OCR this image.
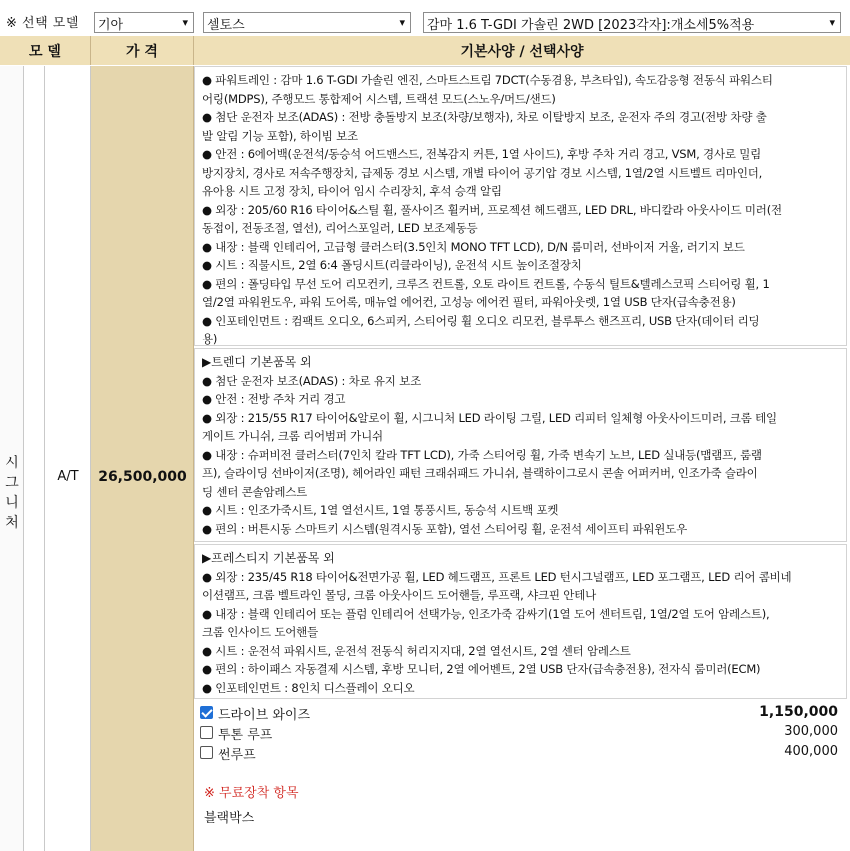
※ 선택 모델	기아	▾	셀토스	▾	감마 1.6 T-GDI 가솔린 2WD [2023각자]:개소세5%적용	▾
모 델	가 격	기본사양 / 선택사양
시그니처
A/T	26,500,000
● 파워트레인 : 감마 1.6 T-GDI 가솔린 엔진, 스마트스트림 7DCT(수동겸용, 부츠타입), 속도감응형 전동식 파워스티
어링(MDPS), 주행모드 통합제어 시스템, 트랙션 모드(스노우/머드/샌드)
● 첨단 운전자 보조(ADAS) : 전방 충돌방지 보조(차량/보행자), 차로 이탈방지 보조, 운전자 주의 경고(전방 차량 출
발 알림 기능 포함), 하이빔 보조
● 안전 : 6에어백(운전석/동승석 어드밴스드, 전복감지 커튼, 1열 사이드), 후방 주차 거리 경고, VSM, 경사로 밀림
방지장치, 경사로 저속주행장치, 급제동 경보 시스템, 개별 타이어 공기압 경보 시스템, 1열/2열 시트벨트 리마인더,
유아용 시트 고정 장치, 타이어 임시 수리장치, 후석 승객 알림
● 외장 : 205/60 R16 타이어&스틸 휠, 풀사이즈 휠커버, 프로젝션 헤드램프, LED DRL, 바디칼라 아웃사이드 미러(전
동접이, 전동조절, 열선), 리어스포일러, LED 보조제동등
● 내장 : 블랙 인테리어, 고급형 클러스터(3.5인치 MONO TFT LCD), D/N 룸미러, 선바이저 거울, 러기지 보드
● 시트 : 직물시트, 2열 6:4 폴딩시트(리클라이닝), 운전석 시트 높이조절장치
● 편의 : 폴딩타입 무선 도어 리모컨키, 크루즈 컨트롤, 오토 라이트 컨트롤, 수동식 틸트&텔레스코픽 스티어링 휠, 1
열/2열 파워윈도우, 파워 도어록, 매뉴얼 에어컨, 고성능 에어컨 필터, 파워아웃렛, 1열 USB 단자(급속충전용)
● 인포테인먼트 : 컴팩트 오디오, 6스피커, 스티어링 휠 오디오 리모컨, 블루투스 핸즈프리, USB 단자(데이터 리딩
용)
▶트렌디 기본품목 외
● 첨단 운전자 보조(ADAS) : 차로 유지 보조
● 안전 : 전방 주차 거리 경고
● 외장 : 215/55 R17 타이어&알로이 휠, 시그니처 LED 라이팅 그릴, LED 리피터 일체형 아웃사이드미러, 크롬 테일
게이트 가니쉬, 크롬 리어범퍼 가니쉬
● 내장 : 슈퍼비전 클러스터(7인치 칼라 TFT LCD), 가죽 스티어링 휠, 가죽 변속기 노브, LED 실내등(맵램프, 룸램
프), 슬라이딩 선바이저(조명), 헤어라인 패턴 크래쉬패드 가니쉬, 블랙하이그로시 콘솔 어퍼커버, 인조가죽 슬라이
딩 센터 콘솔암레스트
● 시트 : 인조가죽시트, 1열 열선시트, 1열 통풍시트, 동승석 시트백 포켓
● 편의 : 버튼시동 스마트키 시스템(원격시동 포함), 열선 스티어링 휠, 운전석 세이프티 파워윈도우
▶프레스티지 기본품목 외
● 외장 : 235/45 R18 타이어&전면가공 휠, LED 헤드램프, 프론트 LED 턴시그널램프, LED 포그램프, LED 리어 콤비네
이션램프, 크롬 벨트라인 몰딩, 크롬 아웃사이드 도어핸들, 루프랙, 샤크핀 안테나
● 내장 : 블랙 인테리어 또는 플럼 인테리어 선택가능, 인조가죽 감싸기(1열 도어 센터트림, 1열/2열 도어 암레스트),
크롬 인사이드 도어핸들
● 시트 : 운전석 파워시트, 운전석 전동식 허리지지대, 2열 열선시트, 2열 센터 암레스트
● 편의 : 하이패스 자동결제 시스템, 후방 모니터, 2열 에어벤트, 2열 USB 단자(급속충전용), 전자식 룸미러(ECM)
● 인포테인먼트 : 8인치 디스플레이 오디오
드라이브 와이즈	1,150,000
투톤 루프	300,000
썬루프	400,000
※ 무료장착 항목
블랙박스
